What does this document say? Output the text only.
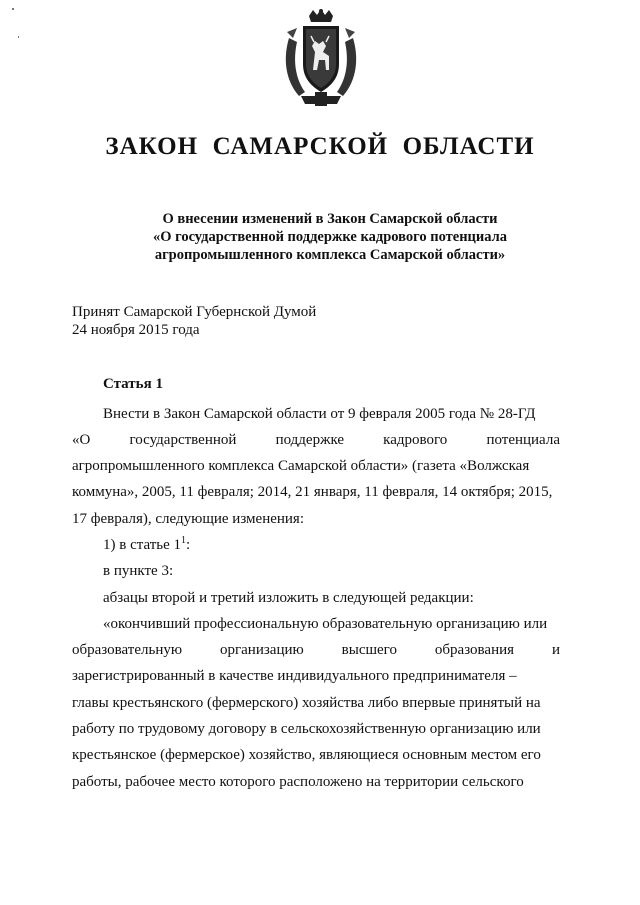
ЗАКОН  САМАРСКОЙ  ОБЛАСТИ
О внесении изменений в Закон Самарской области
«О государственной поддержке кадрового потенциала
агропромышленного комплекса Самарской области»
Принят Самарской Губернской Думой
24 ноября 2015 года
Статья 1
Внести в Закон Самарской области от 9 февраля 2005 года № 28-ГД
«О	государственной	поддержке	кадрового	потенциала
агропромышленного комплекса Самарской области» (газета «Волжская
коммуна», 2005, 11 февраля; 2014, 21 января, 11 февраля, 14 октября; 2015,
17 февраля), следующие изменения:
1) в статье $1^1$:
в пункте 3:
абзацы второй и третий изложить в следующей редакции:
«окончивший профессиональную образовательную организацию или
образовательную	организацию	высшего	образования	и
зарегистрированный в качестве индивидуального предпринимателя –
главы крестьянского (фермерского) хозяйства либо впервые принятый на
работу по трудовому договору в сельскохозяйственную организацию или
крестьянское (фермерское) хозяйство, являющиеся основным местом его
работы, рабочее место которого расположено на территории сельского
